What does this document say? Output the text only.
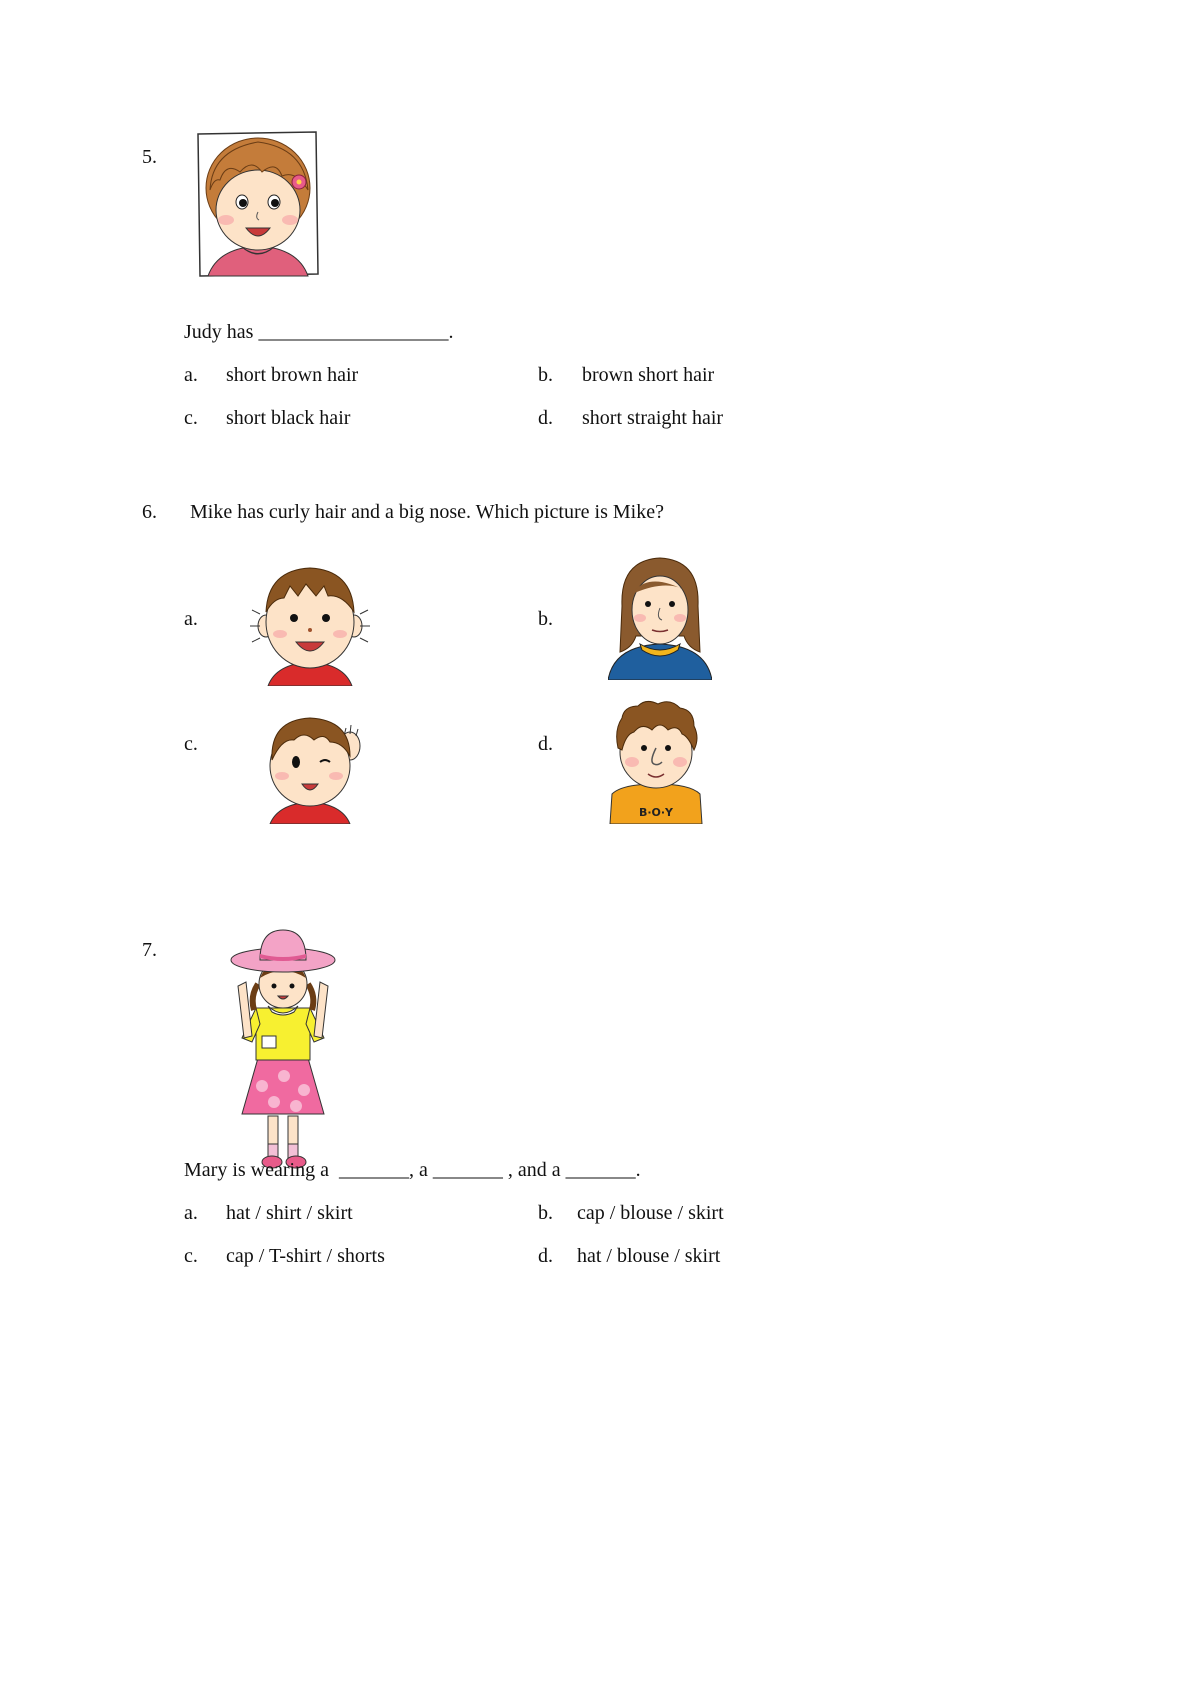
5.
Judy has ___________________.
a. short brown hair	b. brown short hair
c. short black hair	d. short straight hair
6. Mike has curly hair and a big nose. Which picture is Mike?
a.	b.
c.	d.
B·O·Y
7.
Mary is wearing a  _______, a _______ , and a _______.
a. hat / shirt / skirt	b. cap / blouse / skirt
c. cap / T-shirt / shorts	d. hat / blouse / skirt
